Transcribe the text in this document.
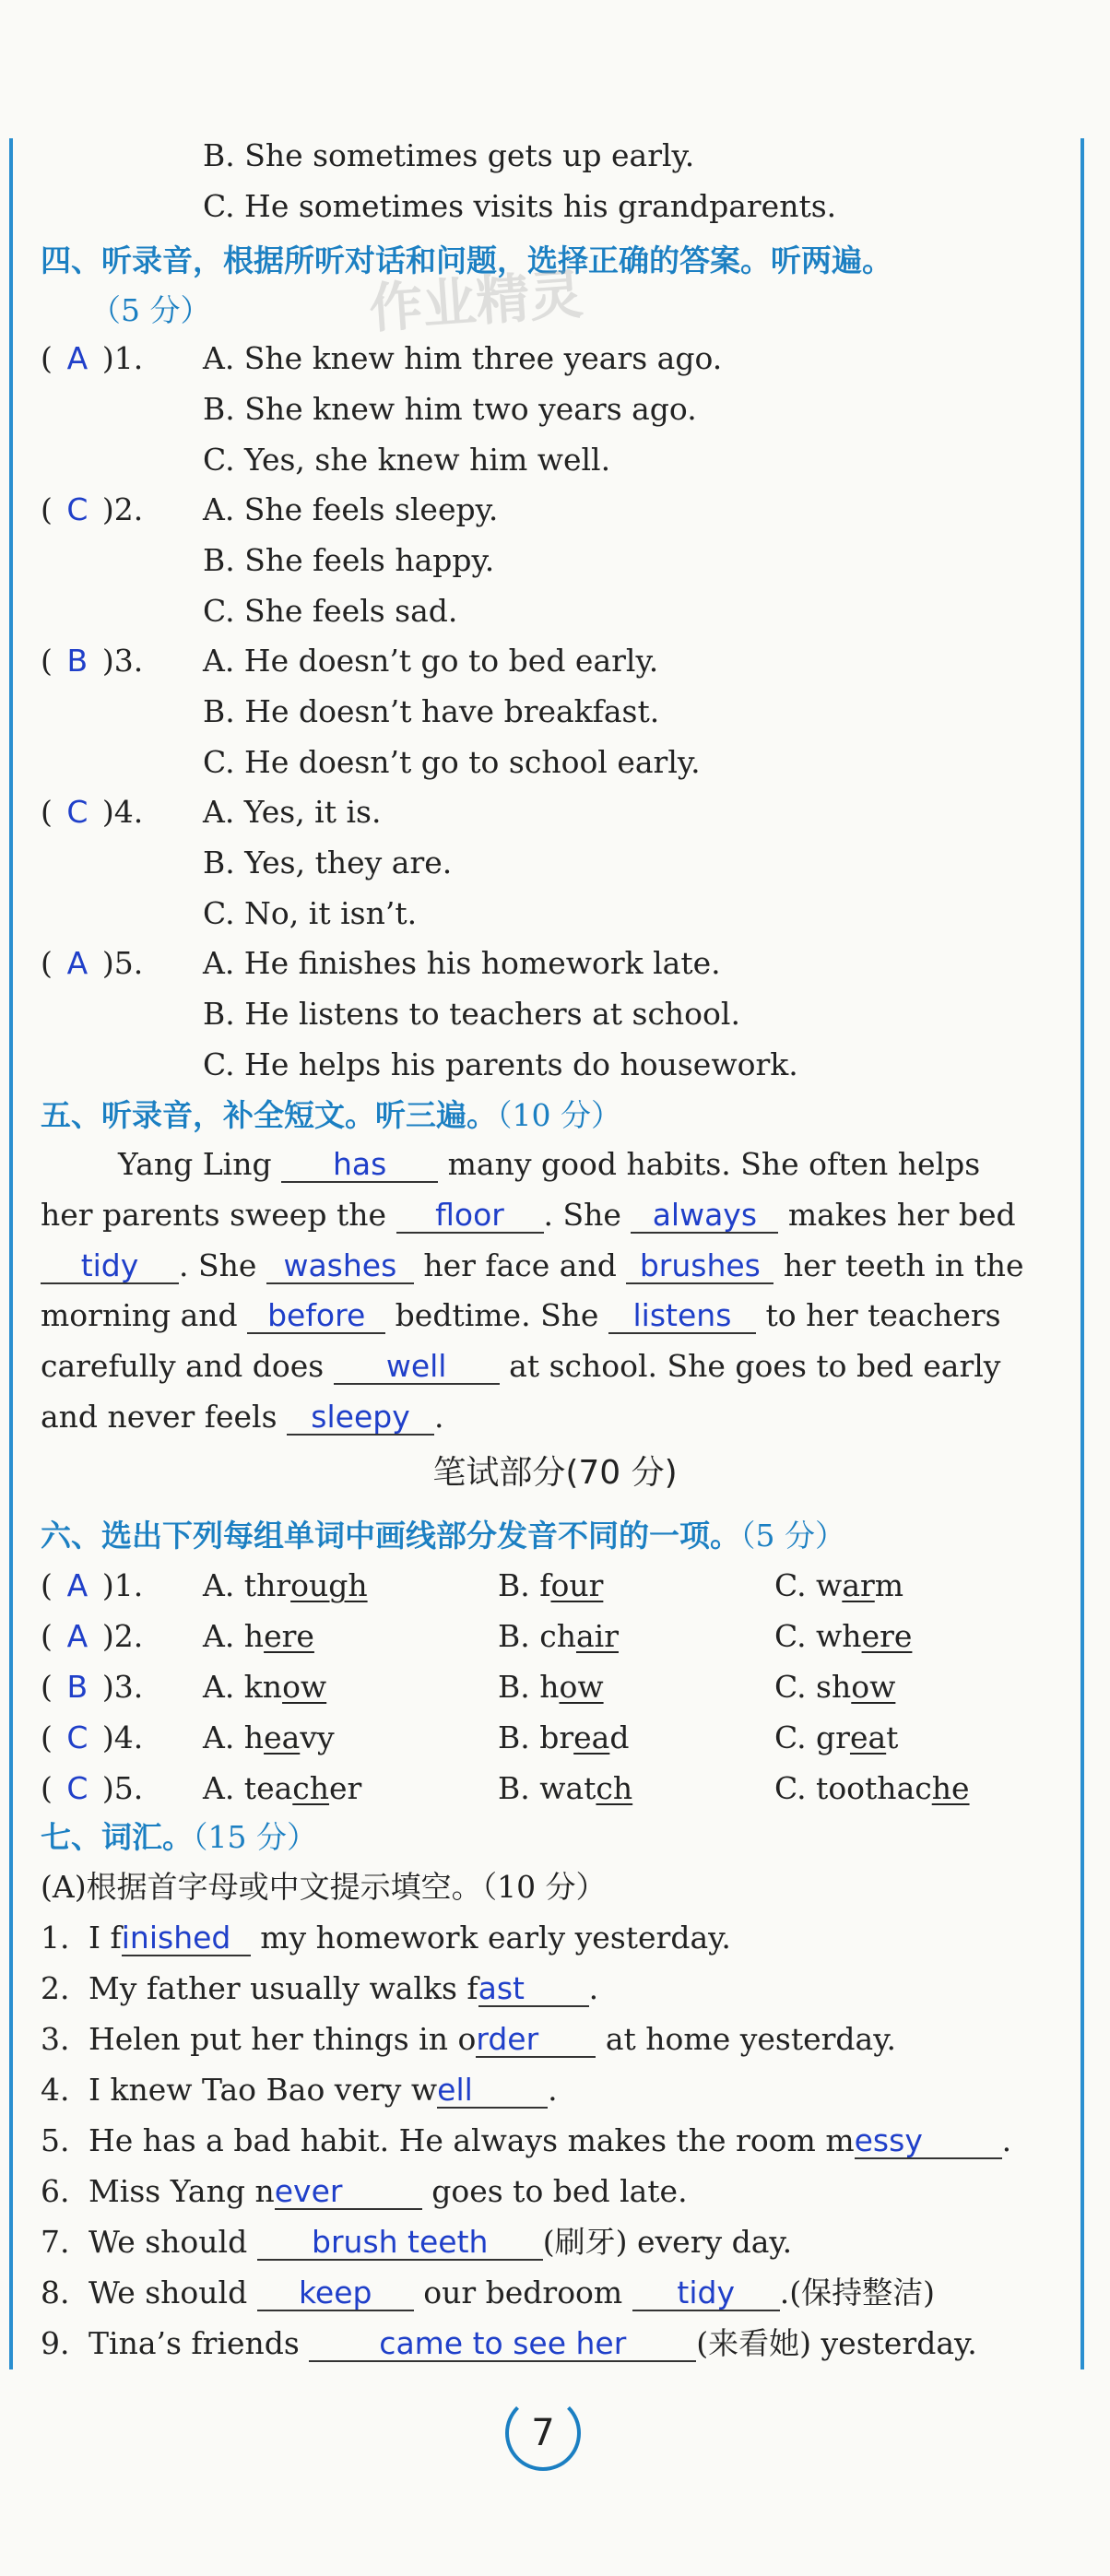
B. She sometimes gets up early.
C. He sometimes visits his grandparents.
四、听录音，根据所听对话和问题，选择正确的答案。听两遍。
（5 分）
( A )1. A. She knew him three years ago.
B. She knew him two years ago.
C. Yes, she knew him well.
( C )2. A. She feels sleepy.
B. She feels happy.
C. She feels sad.
( B )3. A. He doesn’t go to bed early.
B. He doesn’t have breakfast.
C. He doesn’t go to school early.
( C )4. A. Yes, it is.
B. Yes, they are.
C. No, it isn’t.
( A )5. A. He finishes his homework late.
B. He listens to teachers at school.
C. He helps his parents do housework.
作业精灵
五、听录音，补全短文。听三遍。（10 分）
Yang Ling has many good habits. She often helps
her parents sweep the floor . She always makes her bed
tidy . She washes her face and brushes her teeth in the
morning and before bedtime. She listens to her teachers
carefully and does well at school. She goes to bed early
and never feels sleepy .
笔试部分(70 分)
六、选出下列每组单词中画线部分发音不同的一项。（5 分）
( A )1. A. through	B. four	C. warm
( A )2. A. here	B. chair	C. where
( B )3. A. know	B. how	C. show
( C )4. A. heavy	B. bread	C. great
( C )5. A. teacher	B. watch	C. toothache
七、词汇。（15 分）
(A)根据首字母或中文提示填空。（10 分）
1. I finished my homework early yesterday.
2. My father usually walks fast .
3. Helen put her things in order at home yesterday.
4. I knew Tao Bao very well .
5. He has a bad habit. He always makes the room messy	.
6. Miss Yang never	goes to bed late.
7. We should brush teeth (刷牙) every day.
8. We should keep our bedroom tidy .(保持整洁)
9. Tina’s friends	came to see her (来看她) yesterday.
7
